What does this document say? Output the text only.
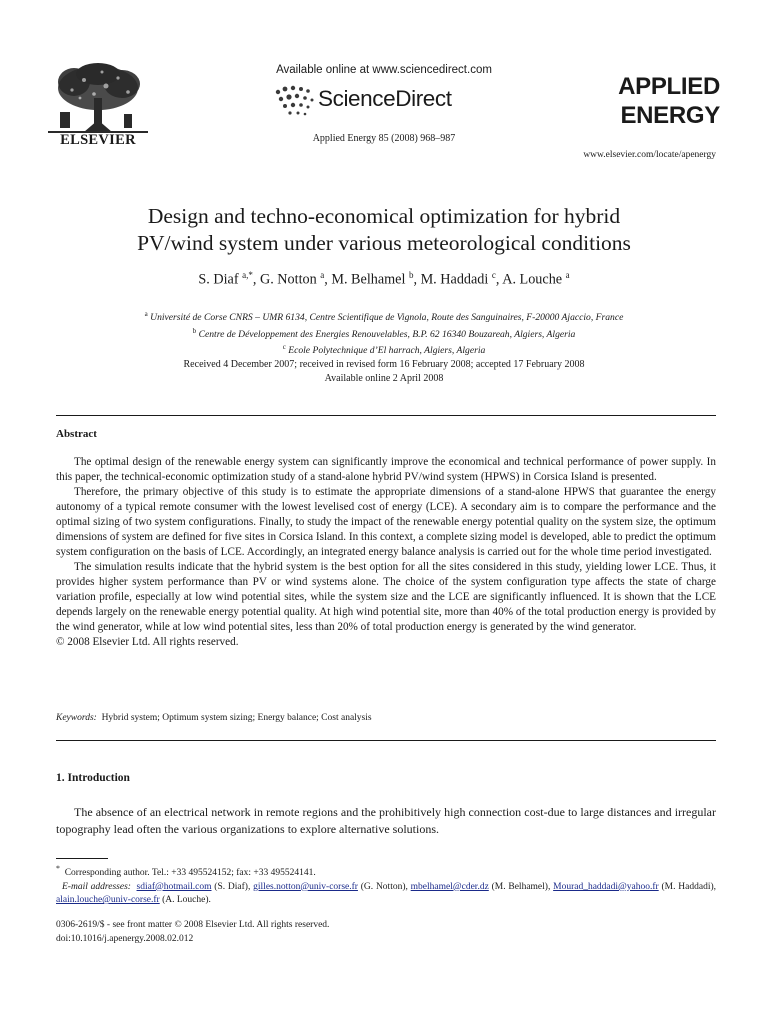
ELSEVIER
Available online at www.sciencedirect.com
ScienceDirect
Applied Energy 85 (2008) 968–987
APPLIED
ENERGY
www.elsevier.com/locate/apenergy
Design and techno-economical optimization for hybrid
PV/wind system under various meteorological conditions
S. Diaf $^{a,*}$, G. Notton $^a$, M. Belhamel $^b$, M. Haddadi $^c$, A. Louche $^a$
$^a$ Université de Corse CNRS – UMR 6134, Centre Scientifique de Vignola, Route des Sanguinaires, F-20000 Ajaccio, France
$^b$ Centre de Développement des Energies Renouvelables, B.P. 62 16340 Bouzareah, Algiers, Algeria
$^c$ Ecole Polytechnique d’El harrach, Algiers, Algeria
Received 4 December 2007; received in revised form 16 February 2008; accepted 17 February 2008
Available online 2 April 2008
Abstract

The optimal design of the renewable energy system can significantly improve the economical and technical performance of power supply. In this paper, the technical-economic optimization study of a stand-alone hybrid PV/wind system (HPWS) in Corsica Island is presented.

Therefore, the primary objective of this study is to estimate the appropriate dimensions of a stand-alone HPWS that guarantee the energy autonomy of a typical remote consumer with the lowest levelised cost of energy (LCE). A secondary aim is to compare the performance and the optimal sizing of two system configurations. Finally, to study the impact of the renewable energy potential quality on the system size, the optimum dimensions of system are defined for five sites in Corsica Island. In this context, a complete sizing model is developed, able to predict the optimum system configuration on the basis of LCE. Accordingly, an integrated energy balance analysis is carried out for the whole time period investigated.

The simulation results indicate that the hybrid system is the best option for all the sites considered in this study, yielding lower LCE. Thus, it provides higher system performance than PV or wind systems alone. The choice of the system configuration type affects the state of charge variation profile, especially at low wind potential sites, while the system size and the LCE are significantly influenced. It is shown that the LCE depends largely on the renewable energy potential quality. At high wind potential site, more than 40% of the total production energy is provided by the wind generator, while at low wind potential sites, less than 20% of total production energy is generated by the wind generator.

© 2008 Elsevier Ltd. All rights reserved.

Keywords: Hybrid system; Optimum system sizing; Energy balance; Cost analysis
1. Introduction

The absence of an electrical network in remote regions and the prohibitively high connection cost-due to large distances and irregular topography lead often the various organizations to explore alternative solutions.

* Corresponding author. Tel.: +33 495524152; fax: +33 495524141.

E-mail addresses: sdiaf@hotmail.com (S. Diaf), gilles.notton@univ-corse.fr (G. Notton), mbelhamel@cder.dz (M. Belhamel), Mourad_haddadi@yahoo.fr (M. Haddadi), alain.louche@univ-corse.fr (A. Louche).

0306-2619/$ - see front matter © 2008 Elsevier Ltd. All rights reserved.
doi:10.1016/j.apenergy.2008.02.012
